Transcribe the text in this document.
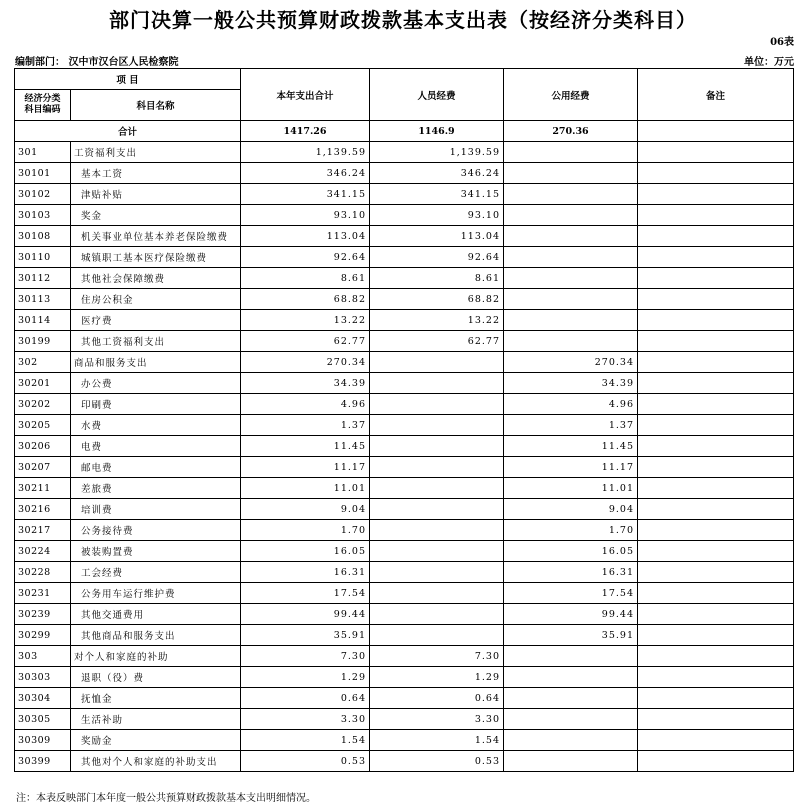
部门决算一般公共预算财政拨款基本支出表（按经济分类科目）
06表
编制部门： 汉中市汉台区人民检察院	单位：万元
项 目		本年支出合计	人员经费	公用经费	备注
经济分类
科目编码	科目名称				
合计		1417.26	1146.9	270.36	
301	工资福利支出	1,139.59	1,139.59		
30101	基本工资	346.24	346.24		
30102	津贴补贴	341.15	341.15		
30103	奖金	93.10	93.10		
30108	机关事业单位基本养老保险缴费	113.04	113.04		
30110	城镇职工基本医疗保险缴费	92.64	92.64		
30112	其他社会保障缴费	8.61	8.61		
30113	住房公积金	68.82	68.82		
30114	医疗费	13.22	13.22		
30199	其他工资福利支出	62.77	62.77		
302	商品和服务支出	270.34		270.34	
30201	办公费	34.39		34.39	
30202	印刷费	4.96		4.96	
30205	水费	1.37		1.37	
30206	电费	11.45		11.45	
30207	邮电费	11.17		11.17	
30211	差旅费	11.01		11.01	
30216	培训费	9.04		9.04	
30217	公务接待费	1.70		1.70	
30224	被装购置费	16.05		16.05	
30228	工会经费	16.31		16.31	
30231	公务用车运行维护费	17.54		17.54	
30239	其他交通费用	99.44		99.44	
30299	其他商品和服务支出	35.91		35.91	
303	对个人和家庭的补助	7.30	7.30		
30303	退职（役）费	1.29	1.29		
30304	抚恤金	0.64	0.64		
30305	生活补助	3.30	3.30		
30309	奖励金	1.54	1.54		
30399	其他对个人和家庭的补助支出	0.53	0.53		
注：本表反映部门本年度一般公共预算财政拨款基本支出明细情况。
